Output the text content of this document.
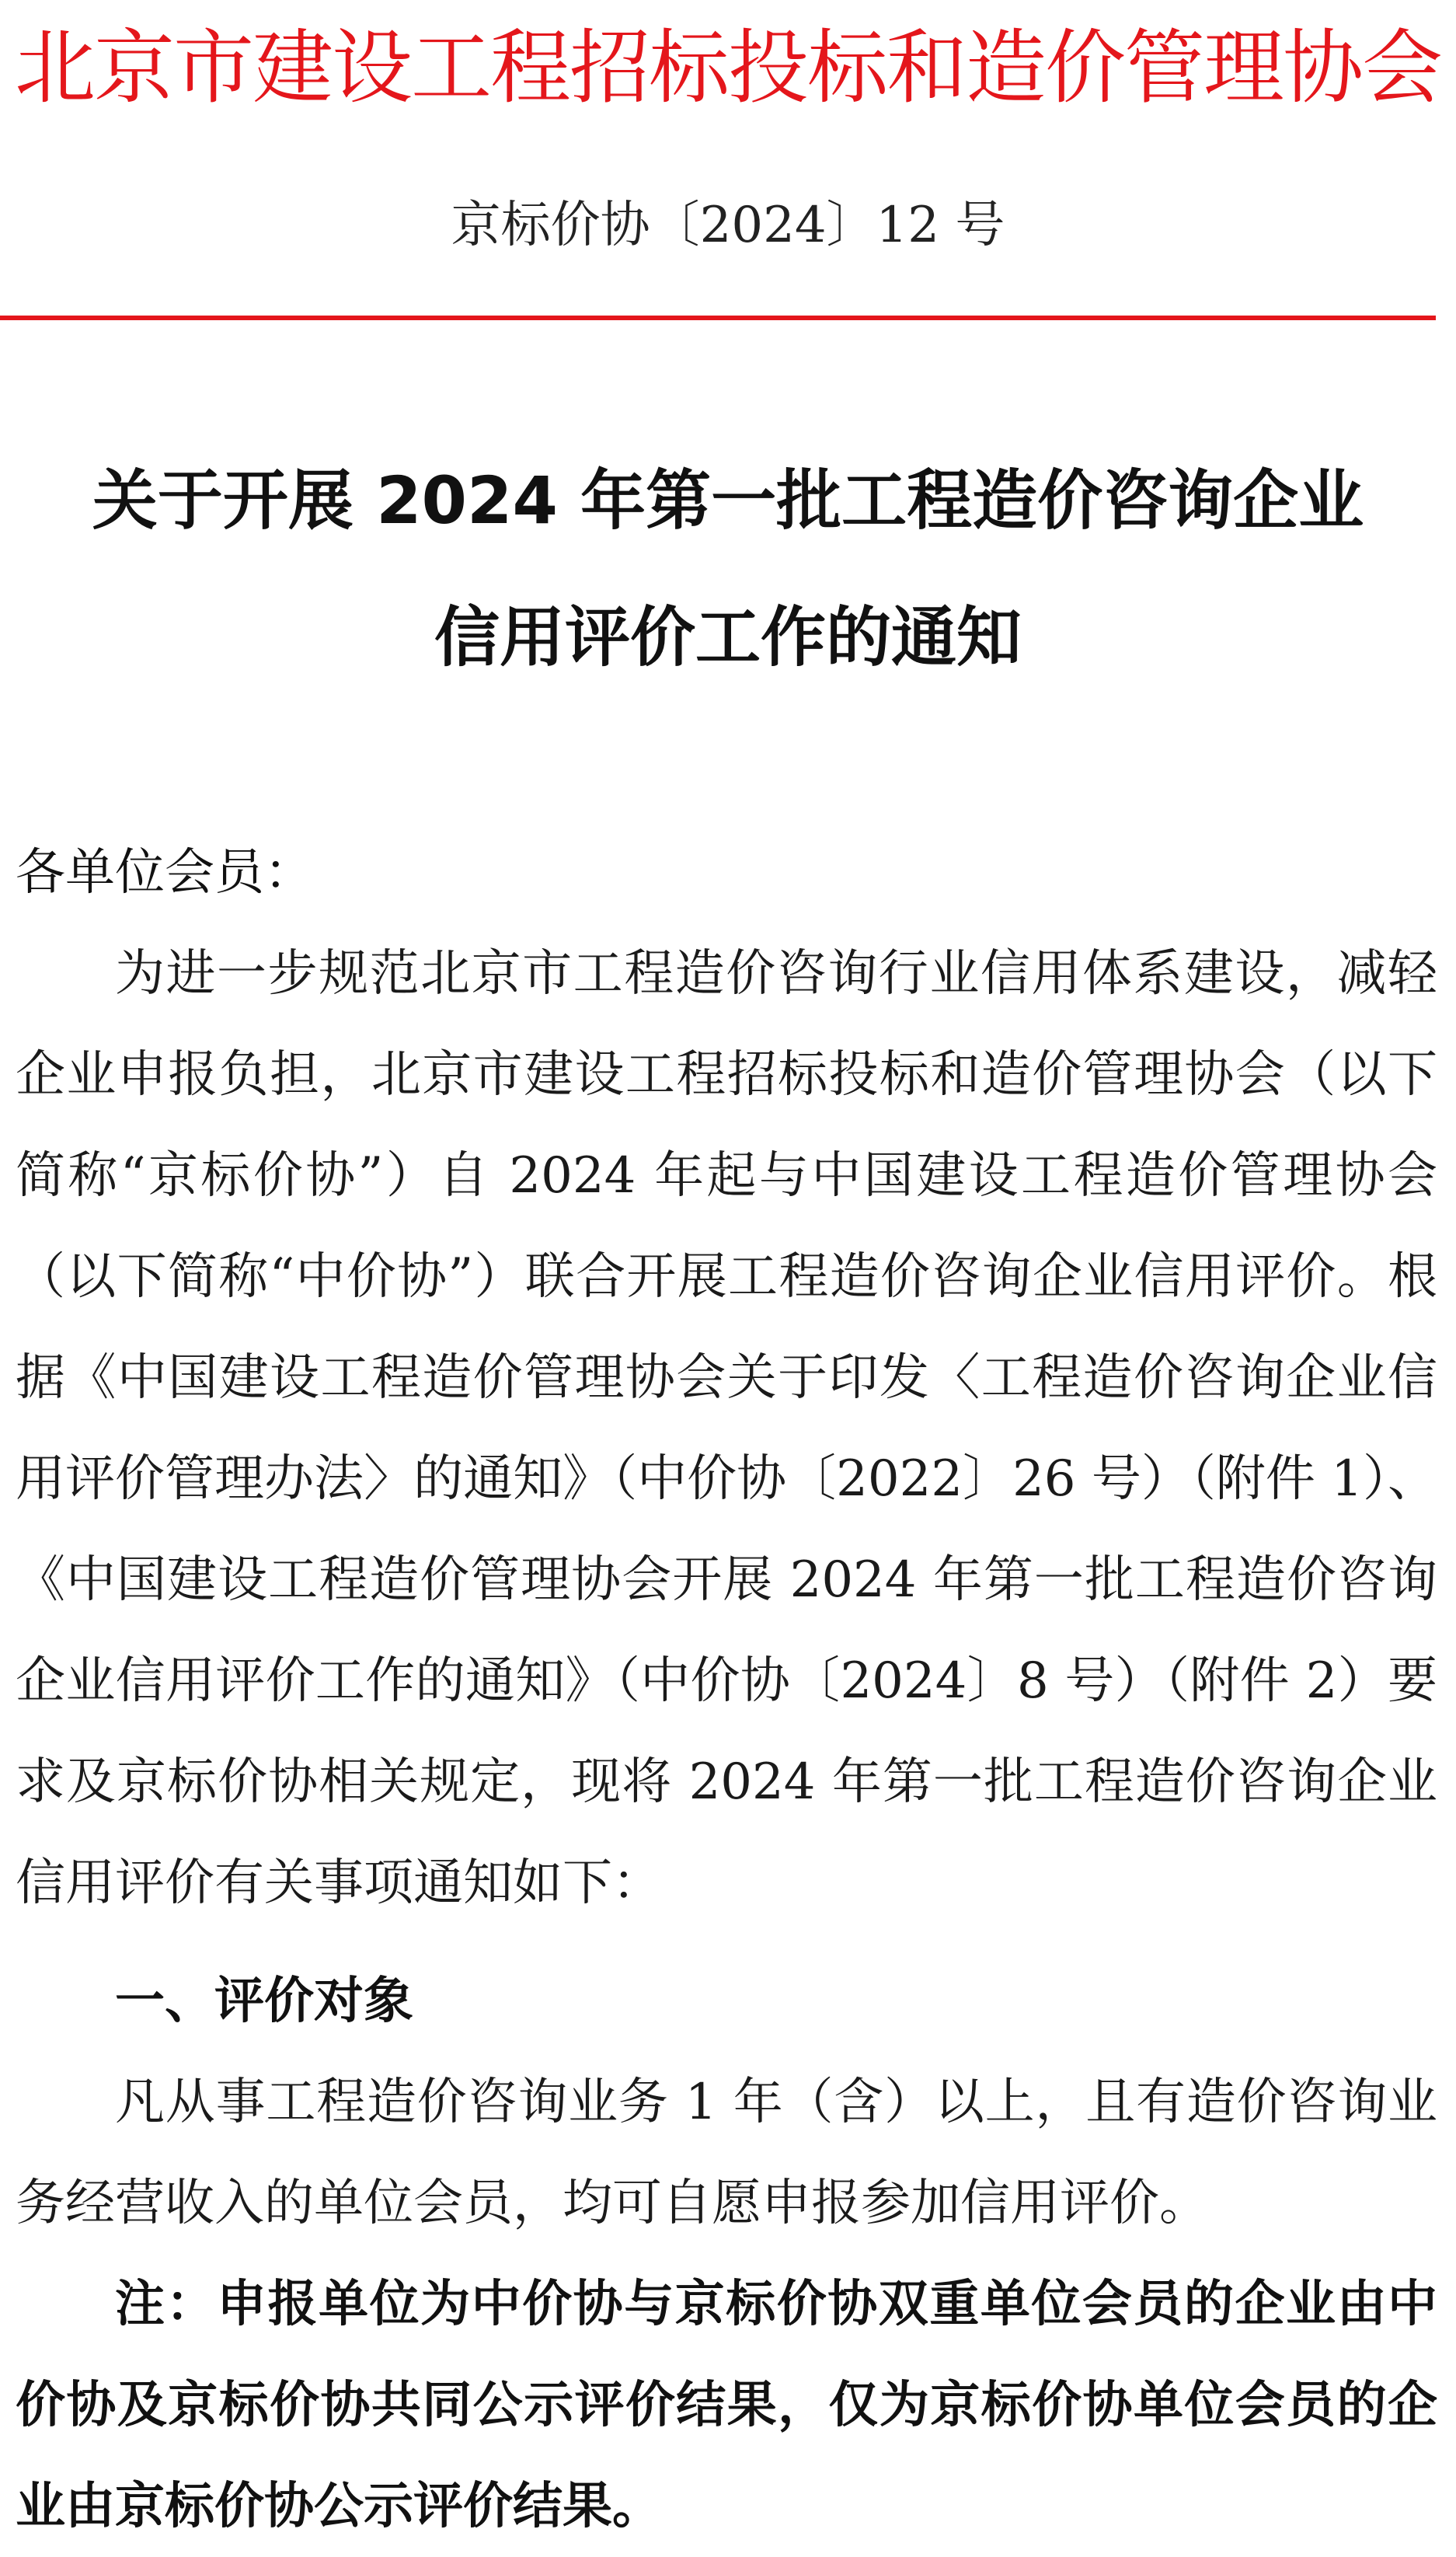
北京市建设工程招标投标和造价管理协会
京标价协〔2024〕12 号
关于开展 2024 年第一批工程造价咨询企业
信用评价工作的通知
各单位会员：
为进一步规范北京市工程造价咨询行业信用体系建设，减轻企业申报负担，北京市建设工程招标投标和造价管理协会（以下简称“京标价协”）自 2024 年起与中国建设工程造价管理协会（以下简称“中价协”）联合开展工程造价咨询企业信用评价。根据《中国建设工程造价管理协会关于印发〈工程造价咨询企业信用评价管理办法〉的通知》（中价协〔2022〕26 号）（附件 1）、《中国建设工程造价管理协会开展 2024 年第一批工程造价咨询企业信用评价工作的通知》（中价协〔2024〕8 号）（附件 2）要求及京标价协相关规定，现将 2024 年第一批工程造价咨询企业信用评价有关事项通知如下：
一、评价对象
凡从事工程造价咨询业务 1 年（含）以上，且有造价咨询业务经营收入的单位会员，均可自愿申报参加信用评价。
注：申报单位为中价协与京标价协双重单位会员的企业由中价协及京标价协共同公示评价结果，仅为京标价协单位会员的企业由京标价协公示评价结果。
